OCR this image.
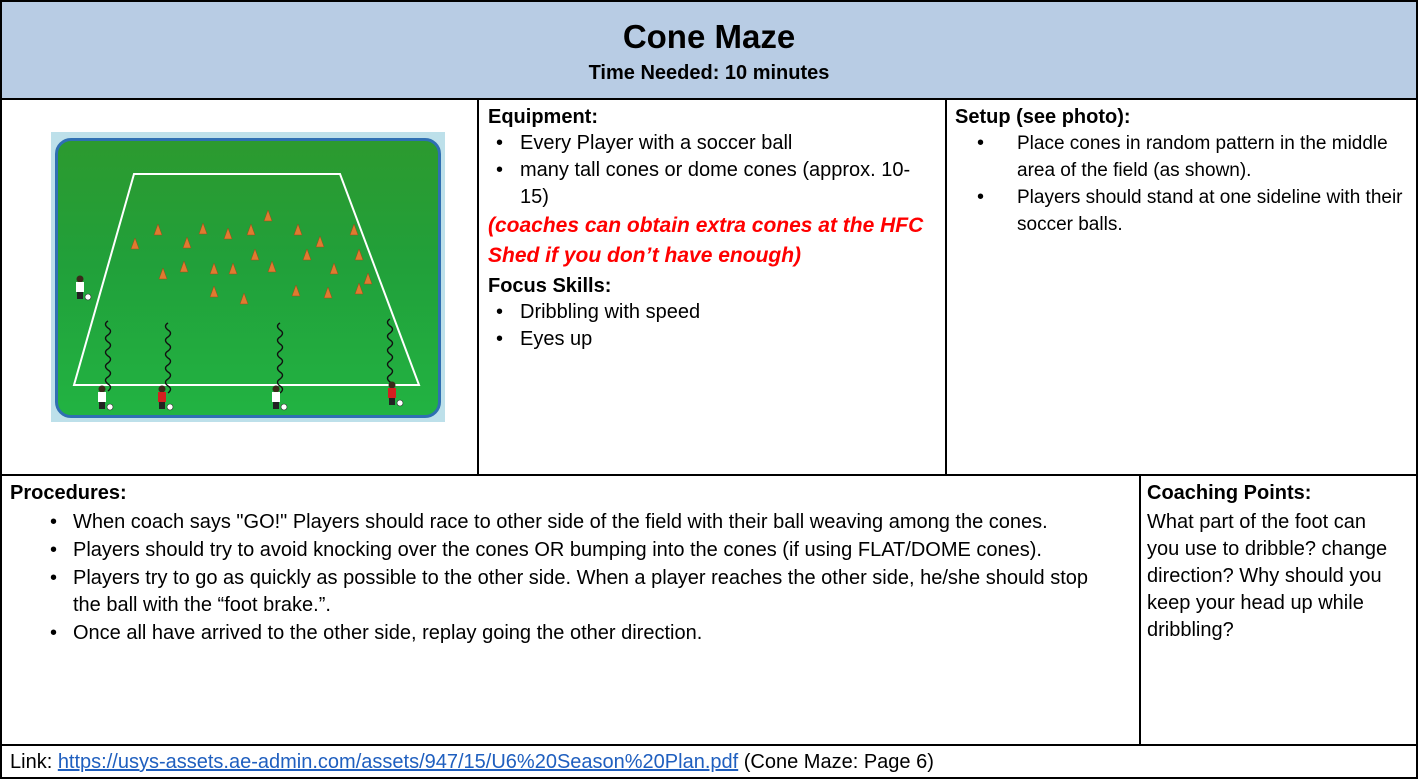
Cone Maze
Time Needed: 10 minutes
Equipment:
• Every Player with a soccer ball
• many tall cones or dome cones (approx. 10-15)
(coaches can obtain extra cones at the HFC Shed if you don’t have enough)
Focus Skills:
• Dribbling with speed
• Eyes up
Setup (see photo):
• Place cones in random pattern in the middle area of the field (as shown).
• Players should stand at one sideline with their soccer balls.
Procedures:
• When coach says "GO!" Players should race to other side of the field with their ball weaving among the cones.
• Players should try to avoid knocking over the cones OR bumping into the cones (if using FLAT/DOME cones).
• Players try to go as quickly as possible to the other side. When a player reaches the other side, he/she should stop the ball with the “foot brake.”.
• Once all have arrived to the other side, replay going the other direction.
Coaching Points:
What part of the foot can you use to dribble? change direction? Why should you keep your head up while dribbling?
Link: https://usys-assets.ae-admin.com/assets/947/15/U6%20Season%20Plan.pdf (Cone Maze: Page 6)
